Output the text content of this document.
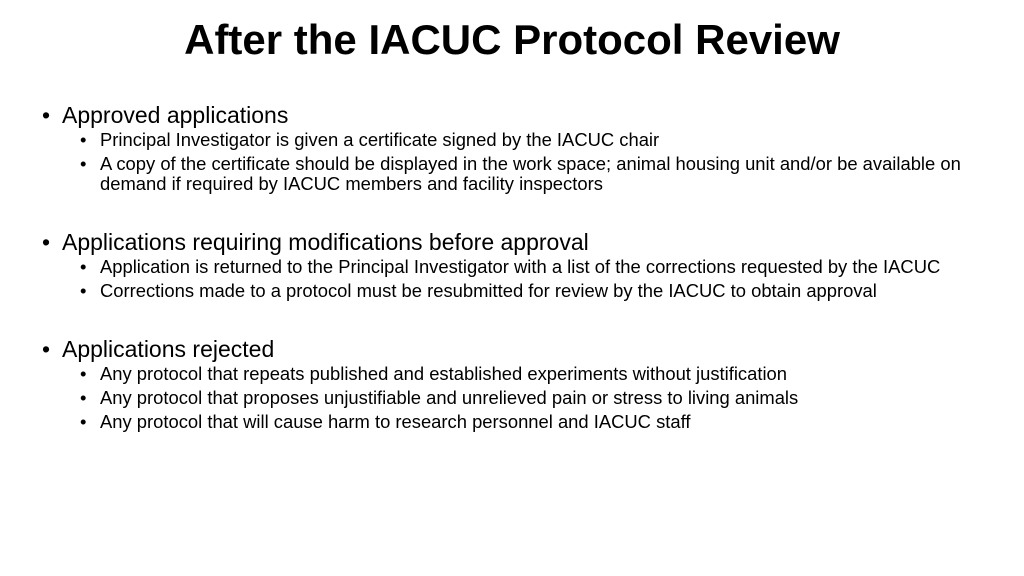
After the IACUC Protocol Review
• Approved applications
• Principal Investigator is given a certificate signed by the IACUC chair
• A copy of the certificate should be displayed in the work space; animal housing unit and/or be available on demand if required by IACUC members and facility inspectors
• Applications requiring modifications before approval
• Application is returned to the Principal Investigator with a list of the corrections requested by the IACUC
• Corrections made to a protocol must be resubmitted for review by the IACUC to obtain approval
• Applications rejected
• Any protocol that repeats published and established experiments without justification
• Any protocol that proposes unjustifiable and unrelieved pain or stress to living animals
• Any protocol that will cause harm to research personnel and IACUC staff
